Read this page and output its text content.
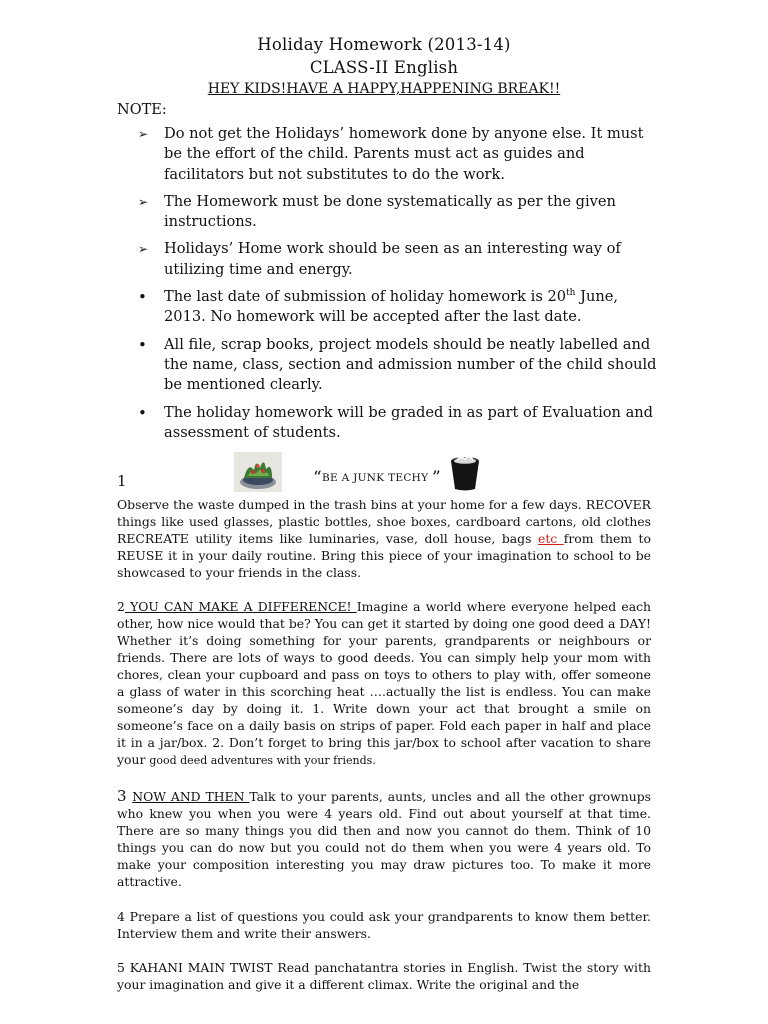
Holiday Homework (2013-14)
CLASS-II English
HEY KIDS!HAVE A HAPPY,HAPPENING BREAK!!
NOTE:
➢	Do not get the Holidays’ homework done by anyone else. It must be the effort of the child. Parents must act as guides and facilitators but not substitutes to do the work.
➢	The Homework must be done systematically as per the given instructions.
➢	Holidays’ Home work should be seen as an interesting way of utilizing time and energy.
•	The last date of submission of holiday homework is 20th June, 2013. No homework will be accepted after the last date.
•	All file, scrap books, project models should be neatly labelled and the name, class, section and admission number of the child should be mentioned clearly.
•	The holiday homework will be graded in as part of Evaluation and assessment of students.
1	“BE A JUNK TECHY ”
Observe the waste dumped in the trash bins at your home for a few days. RECOVER things like used glasses, plastic bottles, shoe boxes, cardboard cartons, old clothes RECREATE utility items like luminaries, vase, doll house, bags etc from them to REUSE it in your daily routine. Bring this piece of your imagination to school to be showcased to your friends in the class.
2 YOU CAN MAKE A DIFFERENCE! Imagine a world where everyone helped each other, how nice would that be? You can get it started by doing one good deed a DAY! Whether it’s doing something for your parents, grandparents or neighbours or friends. There are lots of ways to good deeds. You can simply help your mom with chores, clean your cupboard and pass on toys to others to play with, offer someone a glass of water in this scorching heat ….actually the list is endless. You can make someone’s day by doing it. 1. Write down your act that brought a smile on someone’s face on a daily basis on strips of paper. Fold each paper in half and place it in a jar/box. 2. Don’t forget to bring this jar/box to school after vacation to share your good deed adventures with your friends.
3 NOW AND THEN Talk to your parents, aunts, uncles and all the other grownups who knew you when you were 4 years old. Find out about yourself at that time. There are so many things you did then and now you cannot do them. Think of 10 things you can do now but you could not do them when you were 4 years old. To make your composition interesting you may draw pictures too. To make it more attractive.
4 Prepare a list of questions you could ask your grandparents to know them better. Interview them and write their answers.
5 KAHANI MAIN TWIST Read panchatantra stories in English. Twist the story with your imagination and give it a different climax. Write the original and the
